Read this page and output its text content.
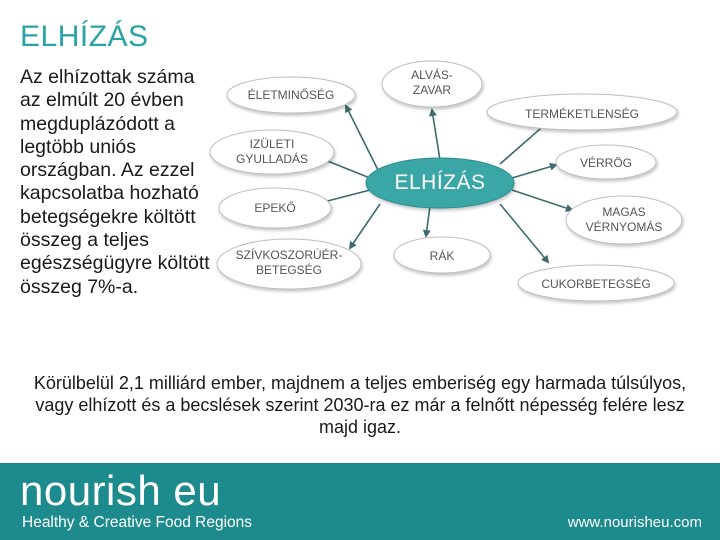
ELHÍZÁS
Az elhízottak száma az elmúlt 20 évben megduplázódott a legtöbb uniós országban. Az ezzel kapcsolatba hozható betegségekre költött összeg a teljes egészségügyre költött összeg 7%-a.
ÉLETMINŐSÉG
IZÜLETI GYULLADÁS
EPEKŐ
SZÍVKOSZORÚÉR-BETEGSÉG
ALVÁS-ZAVAR
RÁK
TERMÉKETLENSÉG
VÉRRÖG
MAGAS VÉRNYOMÁS
CUKORBETEGSÉG
ELHÍZÁS
Körülbelül 2,1 milliárd ember, majdnem a teljes emberiség egy harmada túlsúlyos, vagy elhízott és a becslések szerint 2030-ra ez már a felnőtt népesség felére lesz majd igaz.
nourish eu
Healthy & Creative Food Regions	www.nourisheu.com
